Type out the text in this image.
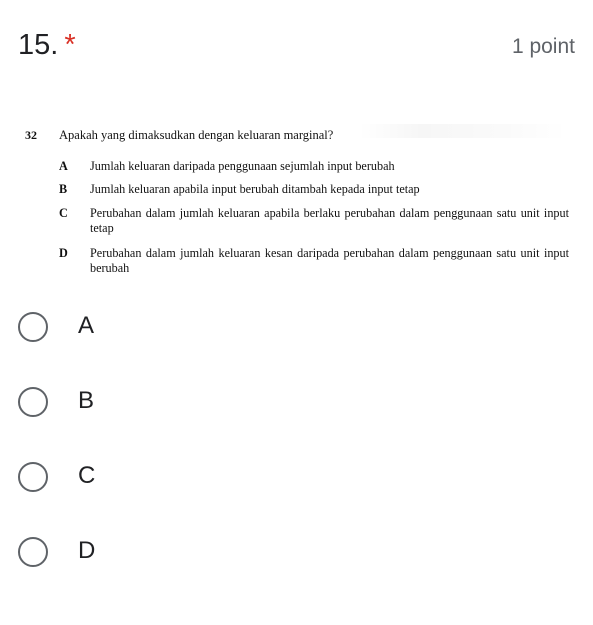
15. *	1 point
32 Apakah yang dimaksudkan dengan keluaran marginal?
A Jumlah keluaran daripada penggunaan sejumlah input berubah
B Jumlah keluaran apabila input berubah ditambah kepada input tetap
C Perubahan dalam jumlah keluaran apabila berlaku perubahan dalam penggunaan satu unit input tetap
D Perubahan dalam jumlah keluaran kesan daripada perubahan dalam penggunaan satu unit input berubah
A
B
C
D
